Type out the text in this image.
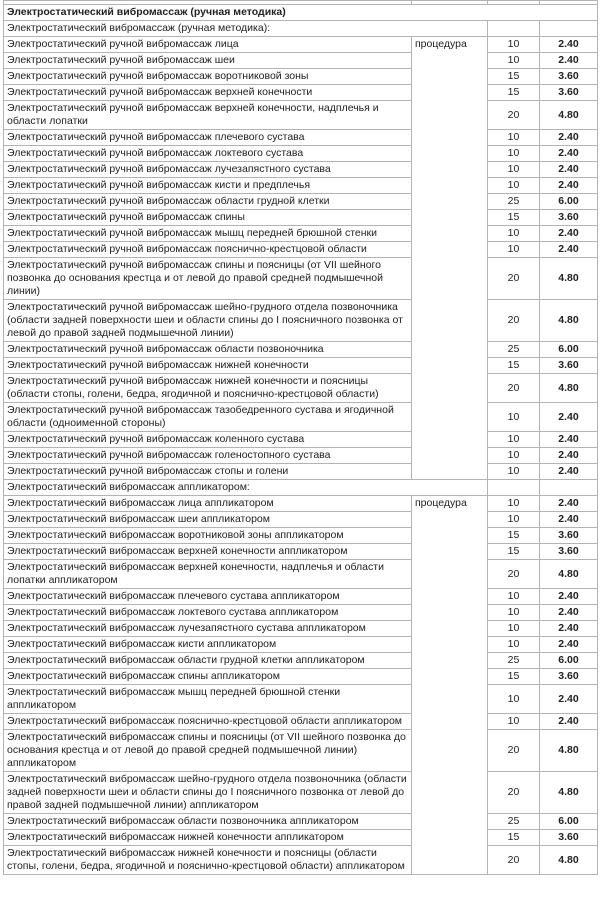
Электростатический вибромассаж (ручная методика)			
Электростатический вибромассаж (ручная методика):			
Электростатический ручной вибромассаж лица	процедура	10	2.40
Электростатический ручной вибромассаж шеи		10	2.40
Электростатический ручной вибромассаж воротниковой зоны		15	3.60
Электростатический ручной вибромассаж верхней конечности		15	3.60
Электростатический ручной вибромассаж верхней конечности, надплечья и области лопатки		20	4.80
Электростатический ручной вибромассаж плечевого сустава		10	2.40
Электростатический ручной вибромассаж локтевого сустава		10	2.40
Электростатический ручной вибромассаж лучезапястного сустава		10	2.40
Электростатический ручной вибромассаж кисти и предплечья		10	2.40
Электростатический ручной вибромассаж области грудной клетки		25	6.00
Электростатический ручной вибромассаж спины		15	3.60
Электростатический ручной вибромассаж мышц передней брюшной стенки		10	2.40
Электростатический ручной вибромассаж пояснично-крестцовой области		10	2.40
Электростатический ручной вибромассаж спины и поясницы (от VII шейного позвонка до основания крестца и от левой до правой средней подмышечной линии)		20	4.80
Электростатический ручной вибромассаж шейно-грудного отдела позвоночника (области задней поверхности шеи и области спины до I поясничного позвонка от левой до правой задней подмышечной линии)		20	4.80
Электростатический ручной вибромассаж области позвоночника		25	6.00
Электростатический ручной вибромассаж нижней конечности		15	3.60
Электростатический ручной вибромассаж нижней конечности и поясницы (области стопы, голени, бедра, ягодичной и пояснично-крестцовой области)		20	4.80
Электростатический ручной вибромассаж тазобедренного сустава и ягодичной области (одноименной стороны)		10	2.40
Электростатический ручной вибромассаж коленного сустава		10	2.40
Электростатический ручной вибромассаж голеностопного сустава		10	2.40
Электростатический ручной вибромассаж стопы и голени		10	2.40
Электростатический вибромассаж аппликатором:			
Электростатический вибромассаж лица аппликатором	процедура	10	2.40
Электростатический вибромассаж шеи аппликатором		10	2.40
Электростатический вибромассаж воротниковой зоны аппликатором		15	3.60
Электростатический вибромассаж верхней конечности аппликатором		15	3.60
Электростатический вибромассаж верхней конечности, надплечья и области лопатки аппликатором		20	4.80
Электростатический вибромассаж плечевого сустава аппликатором		10	2.40
Электростатический вибромассаж локтевого сустава аппликатором		10	2.40
Электростатический вибромассаж лучезапястного сустава аппликатором		10	2.40
Электростатический вибромассаж кисти аппликатором		10	2.40
Электростатический вибромассаж области грудной клетки аппликатором		25	6.00
Электростатический вибромассаж спины аппликатором		15	3.60
Электростатический вибромассаж мышц передней брюшной стенки аппликатором		10	2.40
Электростатический вибромассаж пояснично-крестцовой области аппликатором		10	2.40
Электростатический вибромассаж спины и поясницы (от VII шейного позвонка до основания крестца и от левой до правой средней подмышечной линии) аппликатором		20	4.80
Электростатический вибромассаж шейно-грудного отдела позвоночника (области задней поверхности шеи и области спины до I поясничного позвонка от левой до правой задней подмышечной линии) аппликатором		20	4.80
Электростатический вибромассаж области позвоночника аппликатором		25	6.00
Электростатический вибромассаж нижней конечности аппликатором		15	3.60
Электростатический вибромассаж нижней конечности и поясницы (области стопы, голени, бедра, ягодичной и пояснично-крестцовой области) аппликатором		20	4.80
